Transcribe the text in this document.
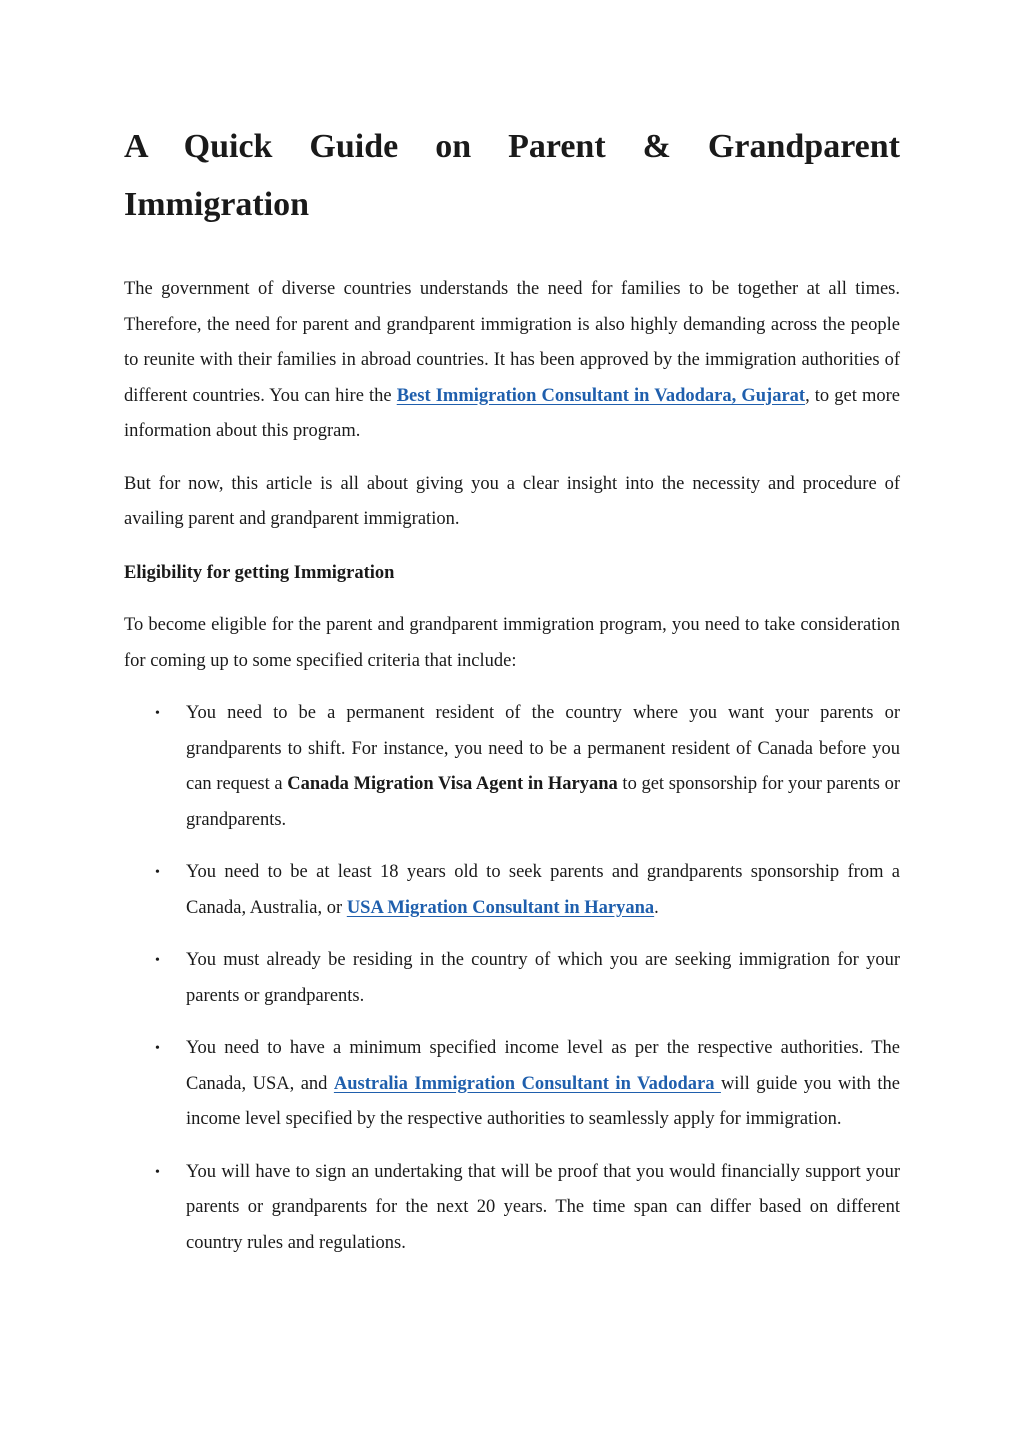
A Quick Guide on Parent & Grandparent
Immigration

The government of diverse countries understands the need for families to be together at all times. Therefore, the need for parent and grandparent immigration is also highly demanding across the people to reunite with their families in abroad countries. It has been approved by the immigration authorities of different countries. You can hire the Best Immigration Consultant in Vadodara, Gujarat, to get more information about this program.

But for now, this article is all about giving you a clear insight into the necessity and procedure of availing parent and grandparent immigration.

Eligibility for getting Immigration

To become eligible for the parent and grandparent immigration program, you need to take consideration for coming up to some specified criteria that include:

• You need to be a permanent resident of the country where you want your parents or grandparents to shift. For instance, you need to be a permanent resident of Canada before you can request a Canada Migration Visa Agent in Haryana to get sponsorship for your parents or grandparents.
• You need to be at least 18 years old to seek parents and grandparents sponsorship from a Canada, Australia, or USA Migration Consultant in Haryana.
• You must already be residing in the country of which you are seeking immigration for your parents or grandparents.
• You need to have a minimum specified income level as per the respective authorities. The Canada, USA, and Australia Immigration Consultant in Vadodara will guide you with the income level specified by the respective authorities to seamlessly apply for immigration.
• You will have to sign an undertaking that will be proof that you would financially support your parents or grandparents for the next 20 years. The time span can differ based on different country rules and regulations.
